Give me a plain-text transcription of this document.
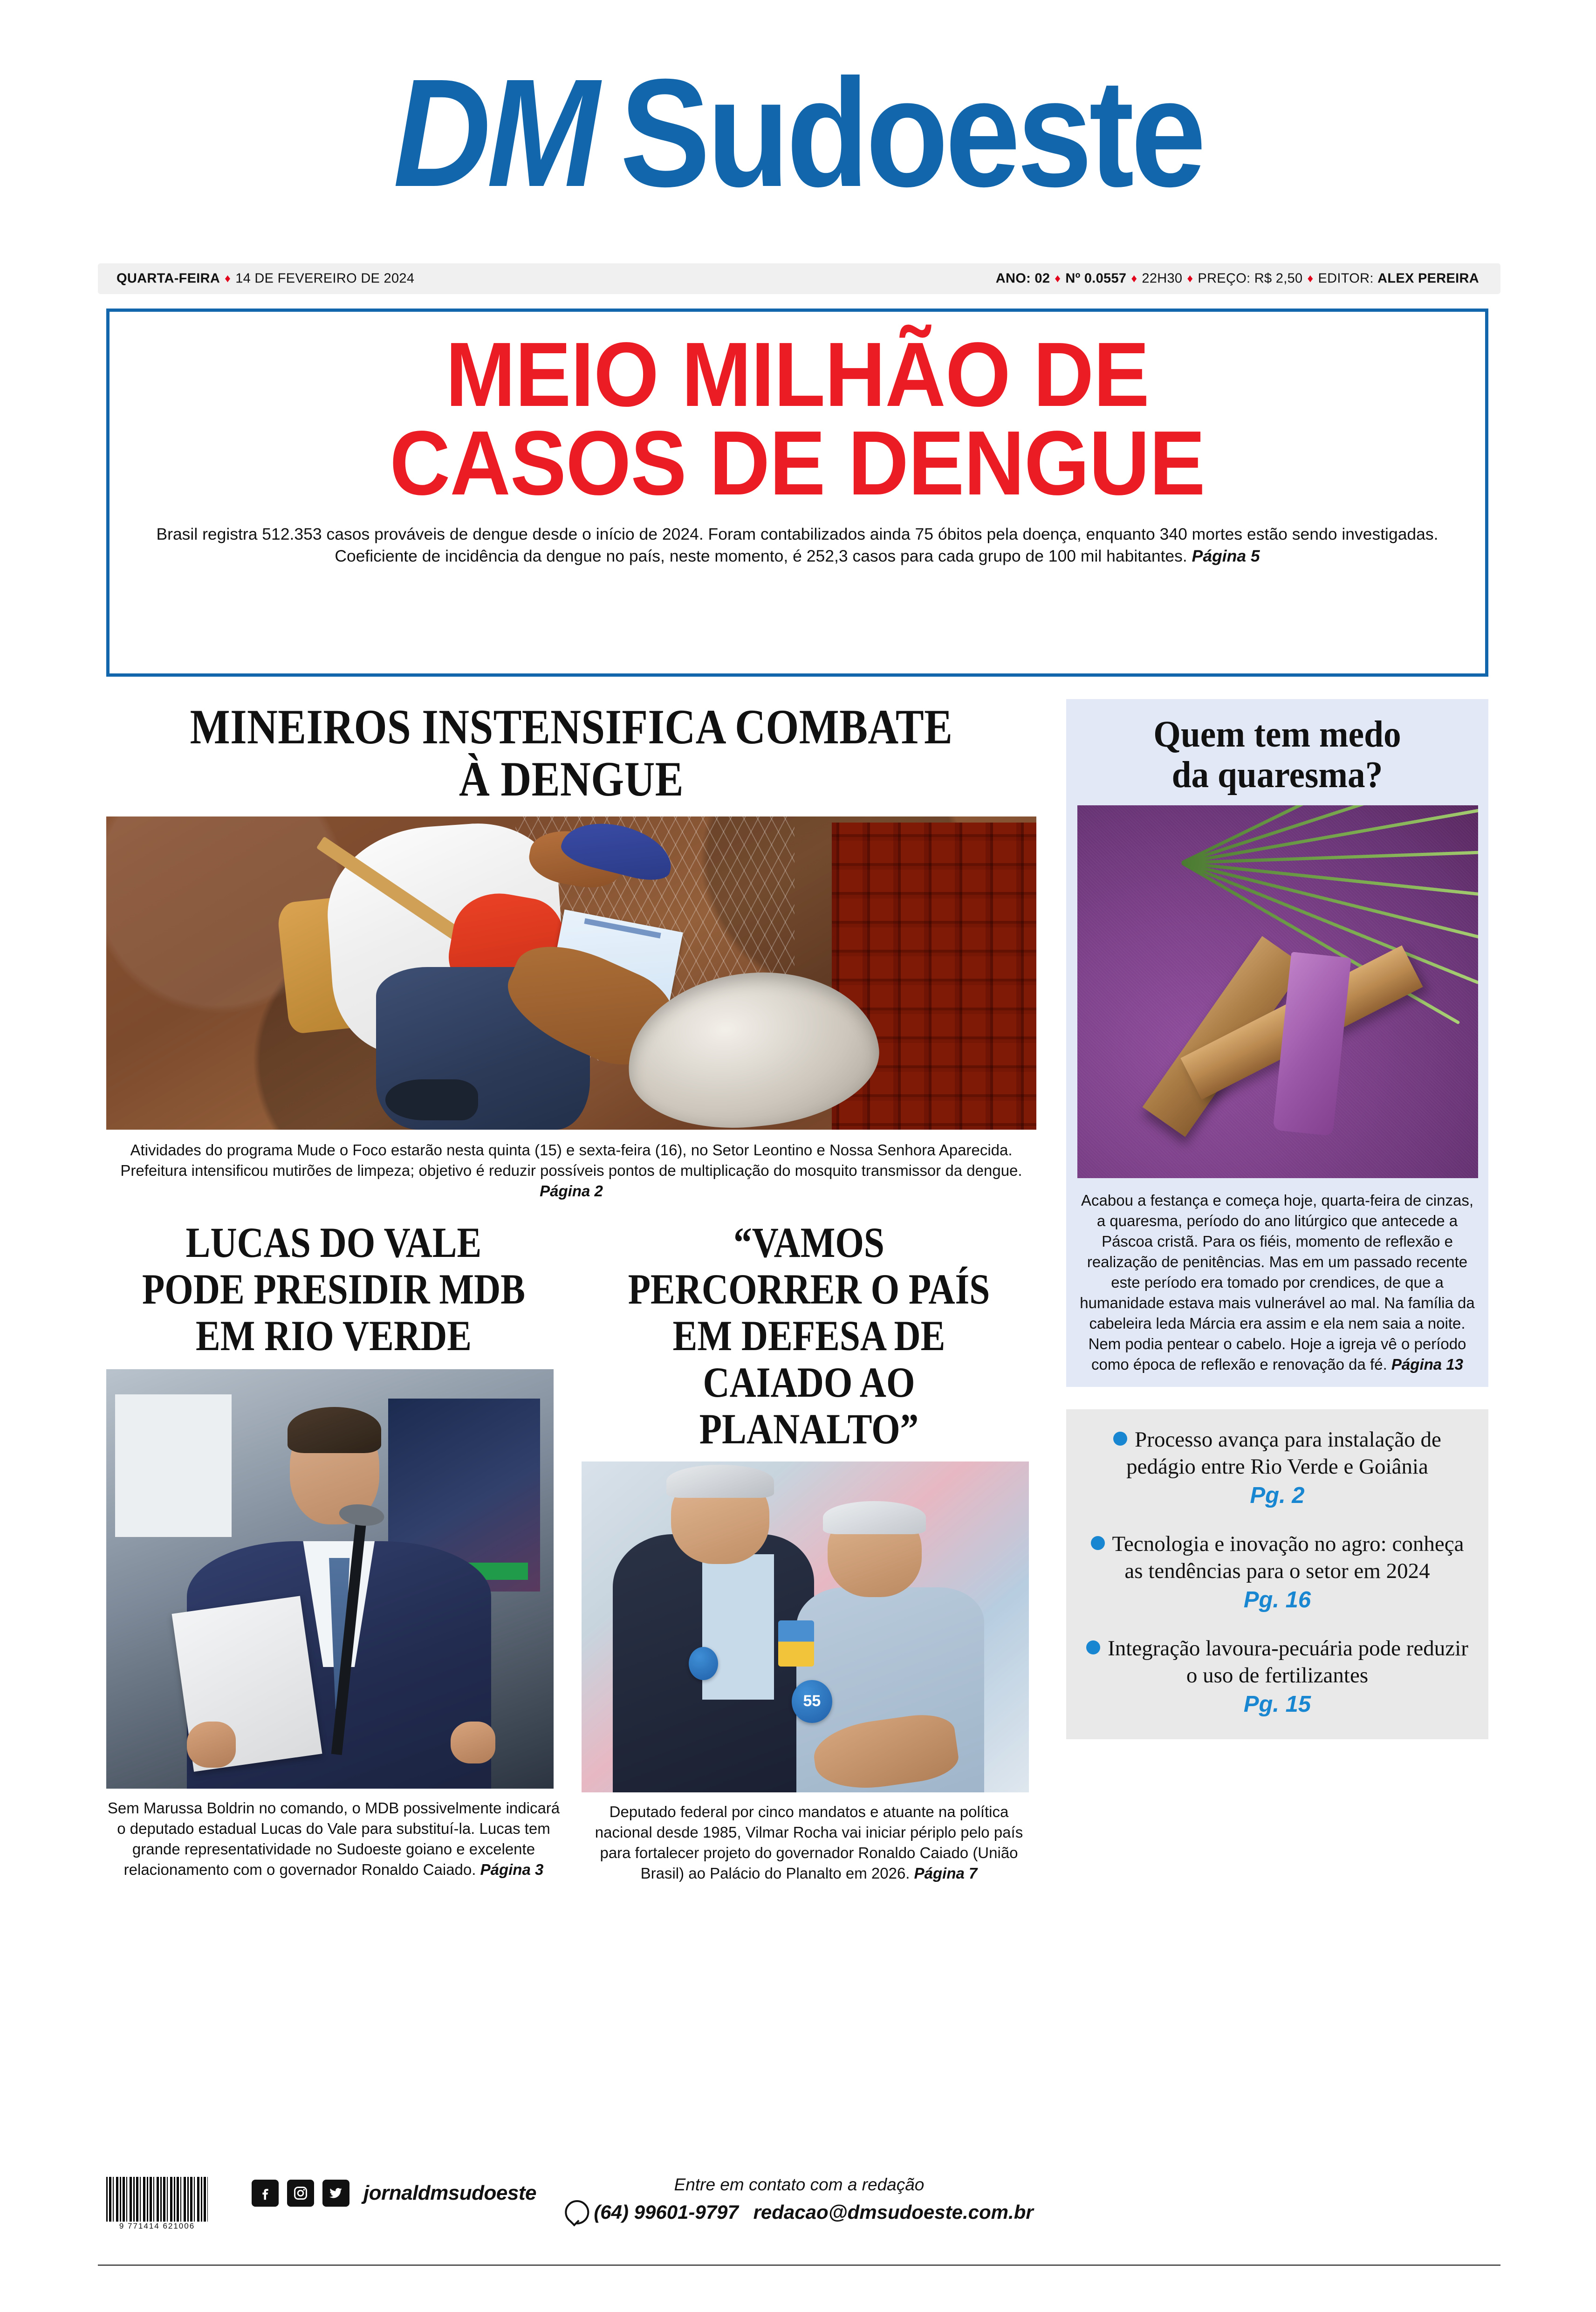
DM Sudoeste
QUARTA-FEIRA ♦ 14 DE FEVEREIRO DE 2024	ANO: 02 ♦ Nº 0.0557 ♦ 22H30 ♦ PREÇO: R$ 2,50 ♦ EDITOR: ALEX PEREIRA
MEIO MILHÃO DE
CASOS DE DENGUE
Brasil registra 512.353 casos prováveis de dengue desde o início de 2024. Foram contabilizados ainda 75 óbitos pela doença, enquanto 340 mortes estão sendo investigadas. Coeficiente de incidência da dengue no país, neste momento, é 252,3 casos para cada grupo de 100 mil habitantes. Página 5
MINEIROS INSTENSIFICA COMBATE À DENGUE
Atividades do programa Mude o Foco estarão nesta quinta (15) e sexta-feira (16), no Setor Leontino e Nossa Senhora Aparecida. Prefeitura intensificou mutirões de limpeza; objetivo é reduzir possíveis pontos de multiplicação do mosquito transmissor da dengue. Página 2
LUCAS DO VALE PODE PRESIDIR MDB EM RIO VERDE
Sem Marussa Boldrin no comando, o MDB possivelmente indicará o deputado estadual Lucas do Vale para substituí-la. Lucas tem grande representatividade no Sudoeste goiano e excelente relacionamento com o governador Ronaldo Caiado. Página 3
“VAMOS PERCORRER O PAÍS EM DEFESA DE CAIADO AO PLANALTO”
55
Deputado federal por cinco mandatos e atuante na política nacional desde 1985, Vilmar Rocha vai iniciar périplo pelo país para fortalecer projeto do governador Ronaldo Caiado (União Brasil) ao Palácio do Planalto em 2026. Página 7
Quem tem medo
da quaresma?
Acabou a festança e começa hoje, quarta-feira de cinzas, a quaresma, período do ano litúrgico que antecede a Páscoa cristã. Para os fiéis, momento de reflexão e realização de penitências. Mas em um passado recente este período era tomado por crendices, de que a humanidade estava mais vulnerável ao mal. Na família da cabeleira leda Márcia era assim e ela nem saia a noite. Nem podia pentear o cabelo. Hoje a igreja vê o período como época de reflexão e renovação da fé. Página 13
Processo avança para instalação de pedágio entre Rio Verde e Goiânia
Pg. 2
Tecnologia e inovação no agro: conheça as tendências para o setor em 2024
Pg. 16
Integração lavoura-pecuária pode reduzir o uso de fertilizantes
Pg. 15
9 771414 621006
jornaldmsudoeste	Entre em contato com a redação
(64) 99601-9797
redacao@dmsudoeste.com.br
